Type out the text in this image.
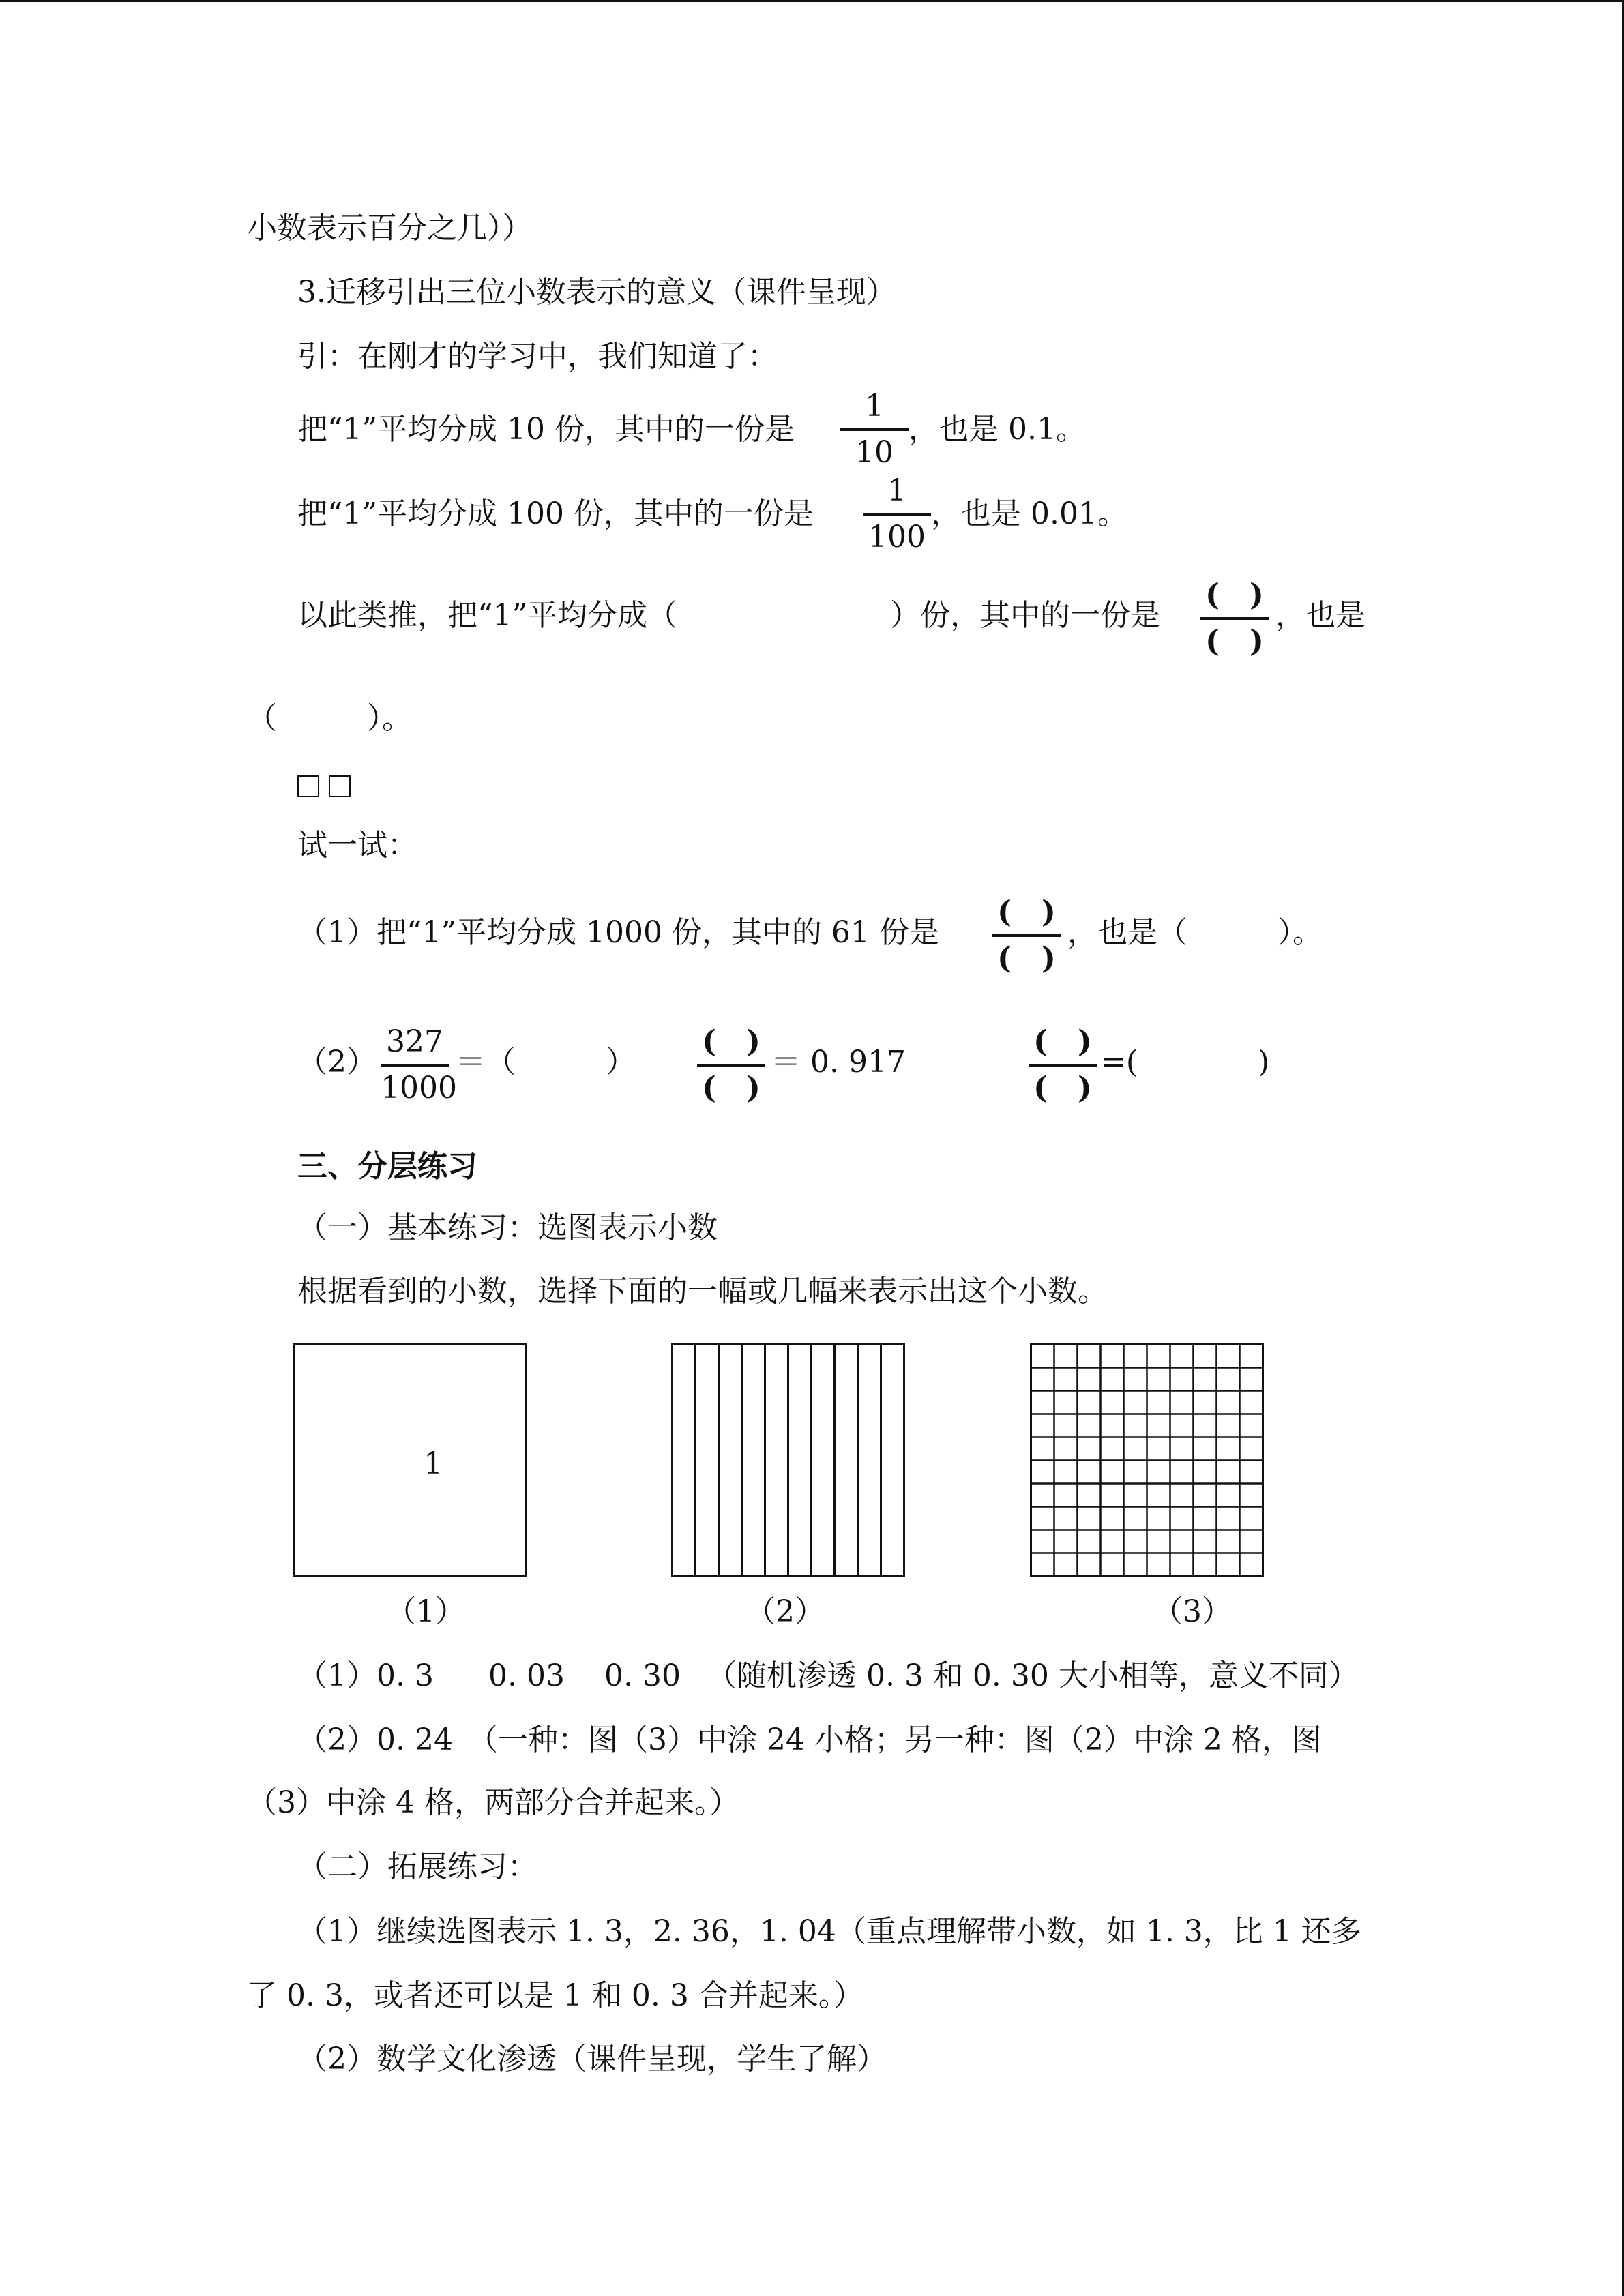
小数表示百分之几））
3.迁移引出三位小数表示的意义（课件呈现）
引：在刚才的学习中，我们知道了：
把“1”平均分成 10 份，其中的一份是
1
10
，也是 0.1。
把“1”平均分成 100 份，其中的一份是
1
100
，也是 0.01。
以此类推，把“1”平均分成（	）份，其中的一份是
(　)
(　)
，也是
（　　　）。
试一试：
（1）把“1”平均分成 1000 份，其中的 61 份是
(　)
(　)
，也是（　　　）。
（2）
327
1000
＝（　　　）
(　)
(　)
＝ 0. 917
(　)
(　)
=(　　　　)
三、分层练习
（一）基本练习：选图表示小数
根据看到的小数，选择下面的一幅或几幅来表示出这个小数。
1
（1）	（2）	（3）
（1）0. 3 0. 03 0. 30 （随机渗透 0. 3 和 0. 30 大小相等，意义不同）
（2）0. 24　（一种：图（3）中涂 24 小格；另一种：图（2）中涂 2 格，图
（3）中涂 4 格，两部分合并起来。）
（二）拓展练习：
（1）继续选图表示 1. 3，2. 36，1. 04（重点理解带小数，如 1. 3，比 1 还多
了 0. 3，或者还可以是 1 和 0. 3 合并起来。）
（2）数学文化渗透（课件呈现，学生了解）
